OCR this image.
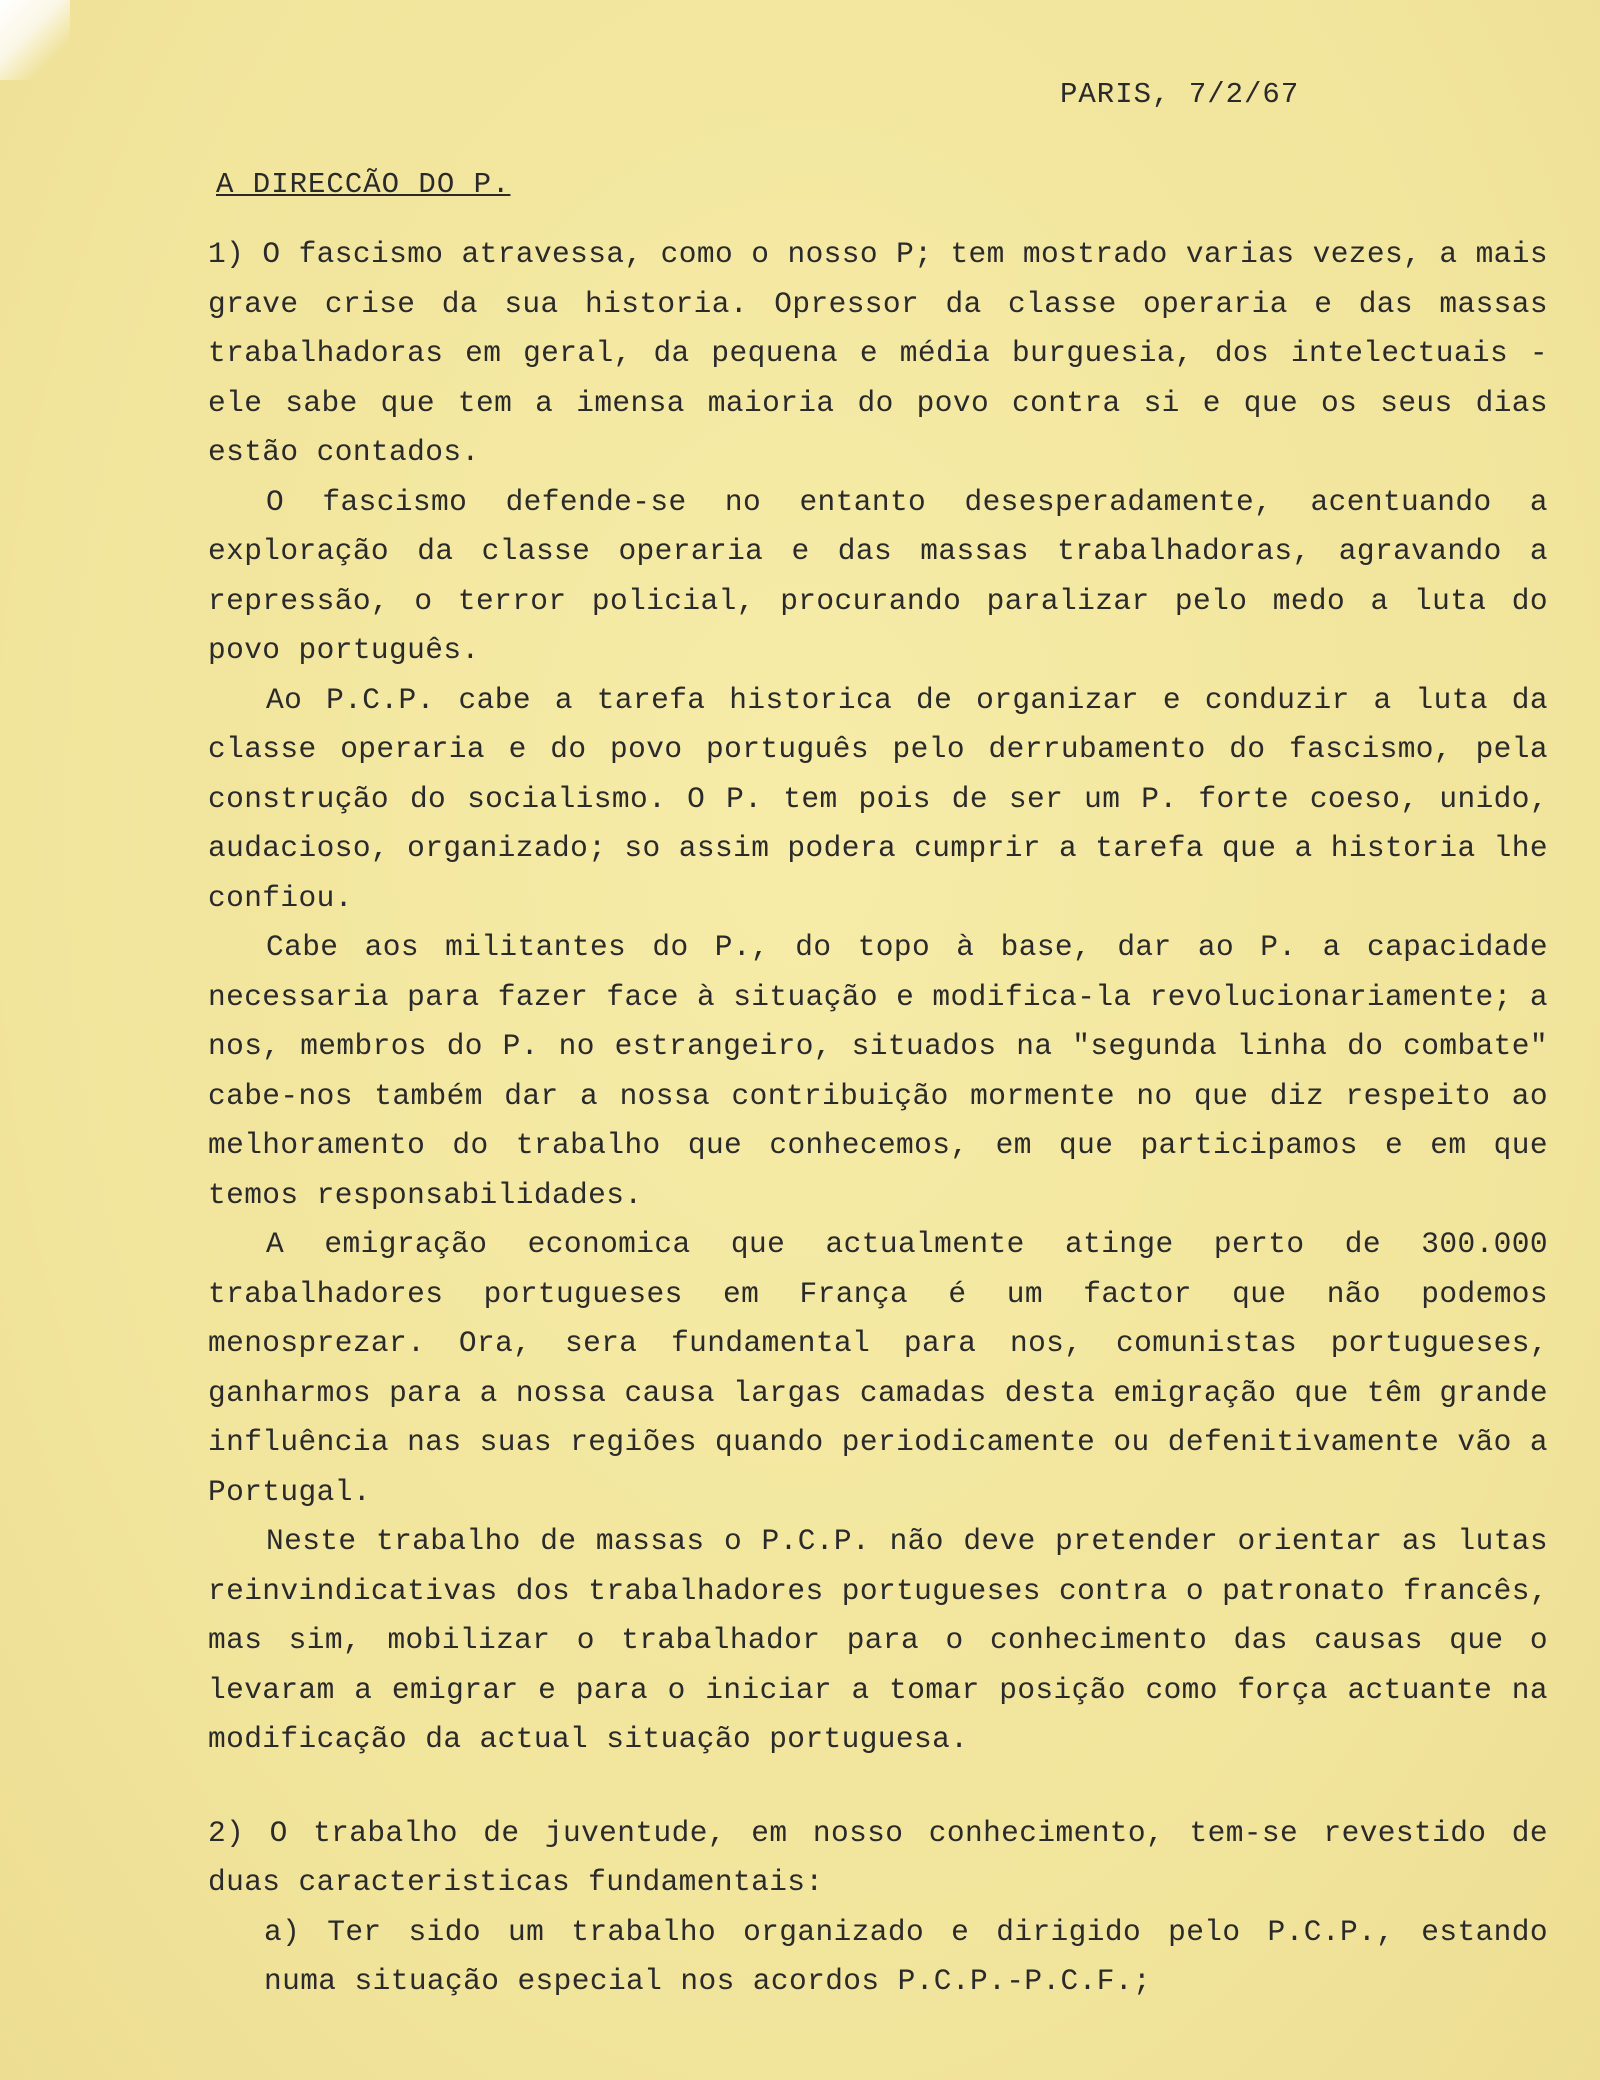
PARIS, 7/2/67
A DIRECCÃO DO P.

1) O fascismo atravessa, como o nosso P; tem mostrado varias vezes, a mais grave crise da sua historia. Opressor da classe operaria e das massas trabalhadoras em geral, da pequena e média burguesia, dos intelectuais - ele sabe que tem a imensa maioria do povo contra si e que os seus dias estão contados.

O fascismo defende-se no entanto desesperadamente, acentuando a exploração da classe operaria e das massas trabalhadoras, agravando a repressão, o terror policial, procurando paralizar pelo medo a luta do povo português.

Ao P.C.P. cabe a tarefa historica de organizar e conduzir a luta da classe operaria e do povo português pelo derrubamento do fascismo, pela construção do socialismo. O P. tem pois de ser um P. forte coeso, unido, audacioso, organizado; so assim podera cumprir a tarefa que a historia lhe confiou.

Cabe aos militantes do P., do topo à base, dar ao P. a capacidade necessaria para fazer face à situação e modifica-la revolucionariamente; a nos, membros do P. no estrangeiro, situados na "segunda linha do combate" cabe-nos também dar a nossa contribuição mormente no que diz respeito ao melhoramento do trabalho que conhecemos, em que participamos e em que temos responsabilidades.

A emigração economica que actualmente atinge perto de 300.000 trabalhadores portugueses em França é um factor que não podemos menosprezar. Ora, sera fundamental para nos, comunistas portugueses, ganharmos para a nossa causa largas camadas desta emigração que têm grande influência nas suas regiões quando periodicamente ou defenitivamente vão a Portugal.

Neste trabalho de massas o P.C.P. não deve pretender orientar as lutas reinvindicativas dos trabalhadores portugueses contra o patronato francês, mas sim, mobilizar o trabalhador para o conhecimento das causas que o levaram a emigrar e para o iniciar a tomar posição como força actuante na modificação da actual situação portuguesa.

2) O trabalho de juventude, em nosso conhecimento, tem-se revestido de duas caracteristicas fundamentais:

a) Ter sido um trabalho organizado e dirigido pelo P.C.P., estando numa situação especial nos acordos P.C.P.-P.C.F.;
